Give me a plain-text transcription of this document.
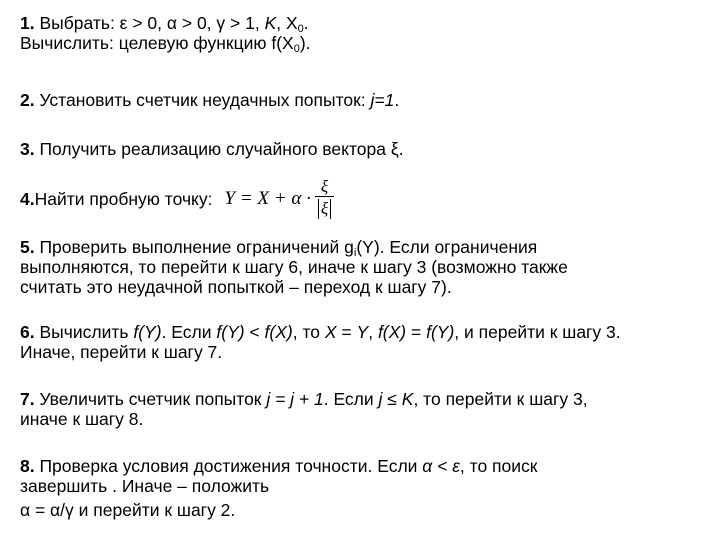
1. Выбрать: ε > 0, α > 0, γ > 1, K, $X_0$.

Вычислить: целевую функцию $f(X_0)$.

2. Установить счетчик неудачных попыток: j=1.

3. Получить реализацию случайного вектора ξ.

4. Найти пробную точку: $Y = X + \alpha \cdot \frac{\xi}{\xi}$

5. Проверить выполнение ограничений $g_i(Y)$. Если ограничения

выполняются, то перейти к шагу 6, иначе к шагу 3 (возможно также

считать это неудачной попыткой – переход к шагу 7).

6. Вычислить f(Y). Если f(Y) < f(X), то X = Y, f(X) = f(Y), и перейти к шагу 3.

Иначе, перейти к шагу 7.

7. Увеличить счетчик попыток j = j + 1. Если j ≤ K, то перейти к шагу 3,

иначе к шагу 8.

8. Проверка условия достижения точности. Если α < ε, то поиск

завершить . Иначе – положить

α = α/γ и перейти к шагу 2.
